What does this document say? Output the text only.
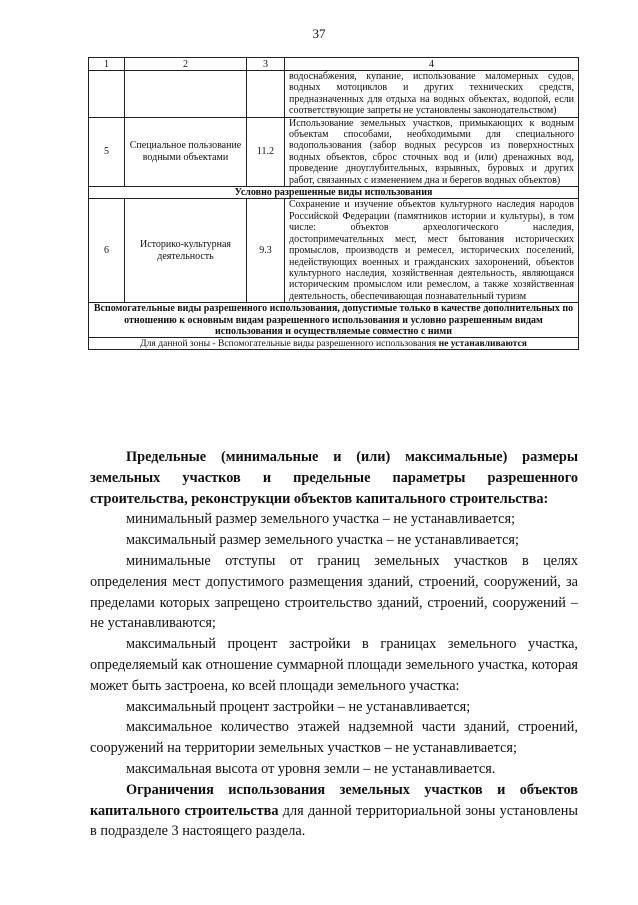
37
1	2	3	4
			водоснабжения, купание, использование маломерных судов, водных мотоциклов и других технических средств, предназначенных для отдыха на водных объектах, водопой, если соответствующие запреты не установлены законодательством)
5	Специальное пользование водными объектами	11.2	Использование земельных участков, примыкающих к водным объектам способами, необходимыми для специального водопользования (забор водных ресурсов из поверхностных водных объектов, сброс сточных вод и (или) дренажных вод, проведение дноуглубительных, взрывных, буровых и других работ, связанных с изменением дна и берегов водных объектов)
Условно разрешенные виды использования			
6	Историко-культурная деятельность	9.3	Сохранение и изучение объектов культурного наследия народов Российской Федерации (памятников истории и культуры), в том числе: объектов археологического наследия, достопримечательных мест, мест бытования исторических промыслов, производств и ремесел, исторических поселений, недействующих военных и гражданских захоронений, объектов культурного наследия, хозяйственная деятельность, являющаяся историческим промыслом или ремеслом, а также хозяйственная деятельность, обеспечивающая познавательный туризм
Вспомогательные виды разрешенного использования, допустимые только в качестве дополнительных по отношению к основным видам разрешенного использования и условно разрешенным видам использования и осуществляемые совместно с ними			
Для данной зоны - Вспомогательные виды разрешенного использования не устанавливаются			

Предельные (минимальные и (или) максимальные) размеры земельных участков и предельные параметры разрешенного строительства, реконструкции объектов капитального строительства:

минимальный размер земельного участка – не устанавливается;

максимальный размер земельного участка – не устанавливается;

минимальные отступы от границ земельных участков в целях определения мест допустимого размещения зданий, строений, сооружений, за пределами которых запрещено строительство зданий, строений, сооружений – не устанавливаются;

максимальный процент застройки в границах земельного участка, определяемый как отношение суммарной площади земельного участка, которая может быть застроена, ко всей площади земельного участка:

максимальный процент застройки – не устанавливается;

максимальное количество этажей надземной части зданий, строений, сооружений на территории земельных участков – не устанавливается;

максимальная высота от уровня земли – не устанавливается.

Ограничения использования земельных участков и объектов капитального строительства для данной территориальной зоны установлены в подразделе 3 настоящего раздела.
